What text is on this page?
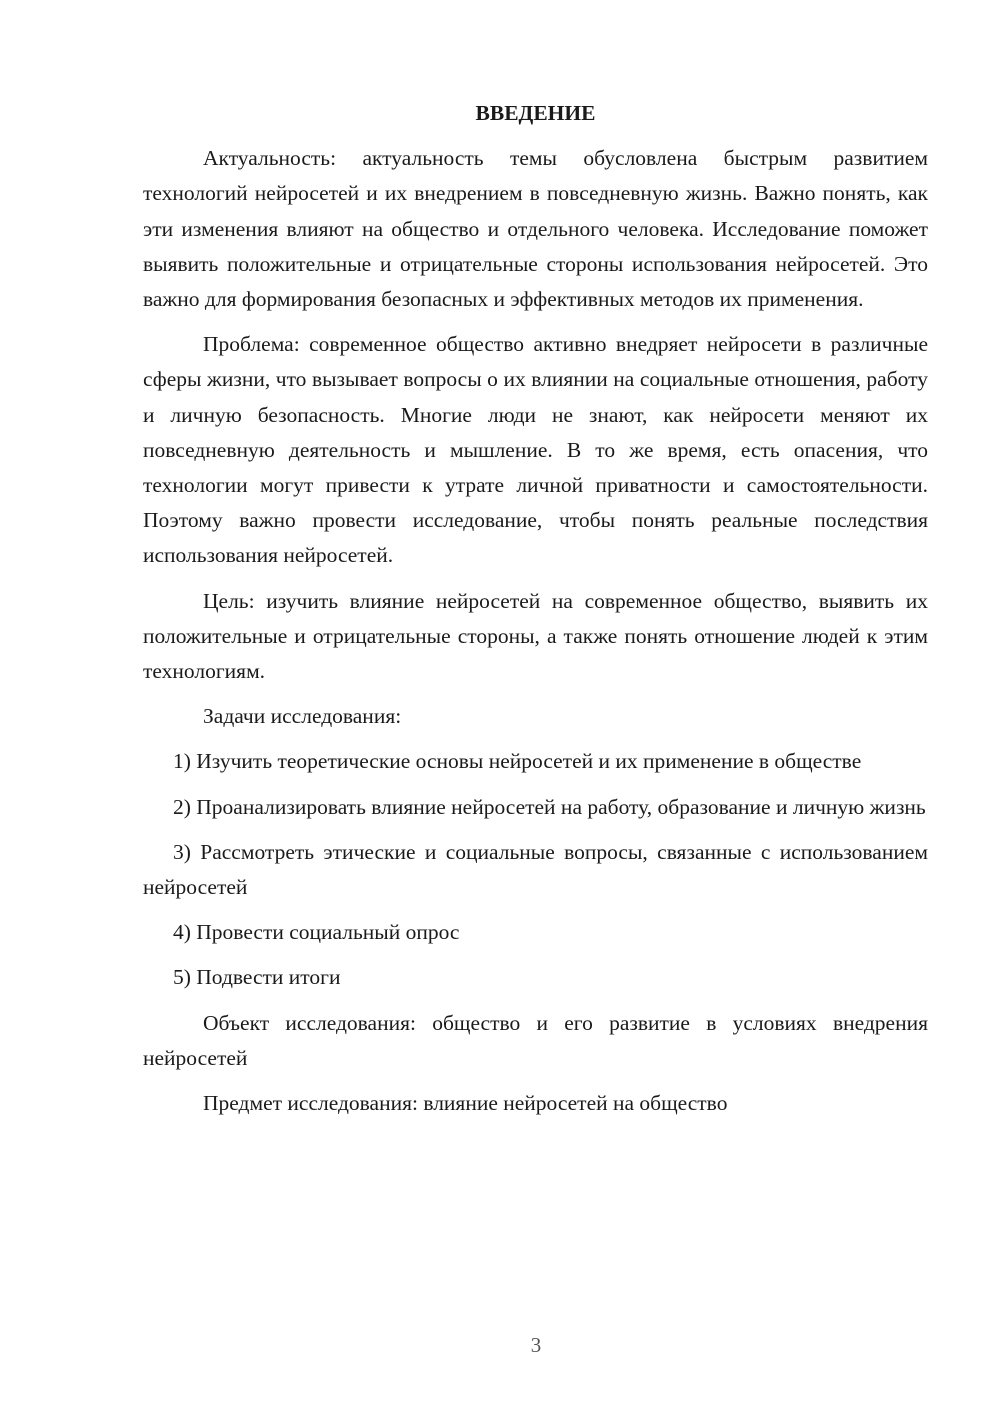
ВВЕДЕНИЕ

Актуальность: актуальность темы обусловлена быстрым развитием технологий нейросетей и их внедрением в повседневную жизнь. Важно понять, как эти изменения влияют на общество и отдельного человека. Исследование поможет выявить положительные и отрицательные стороны использования нейросетей. Это важно для формирования безопасных и эффективных методов их применения.

Проблема: современное общество активно внедряет нейросети в различные сферы жизни, что вызывает вопросы о их влиянии на социальные отношения, работу и личную безопасность. Многие люди не знают, как нейросети меняют их повседневную деятельность и мышление. В то же время, есть опасения, что технологии могут привести к утрате личной приватности и самостоятельности. Поэтому важно провести исследование, чтобы понять реальные последствия использования нейросетей.

Цель: изучить влияние нейросетей на современное общество, выявить их положительные и отрицательные стороны, а также понять отношение людей к этим технологиям.

Задачи исследования:

1) Изучить теоретические основы нейросетей и их применение в обществе

2) Проанализировать влияние нейросетей на работу, образование и личную жизнь

3) Рассмотреть этические и социальные вопросы, связанные с использованием нейросетей

4) Провести социальный опрос

5) Подвести итоги

Объект исследования: общество и его развитие в условиях внедрения нейросетей

Предмет исследования: влияние нейросетей на общество

3
